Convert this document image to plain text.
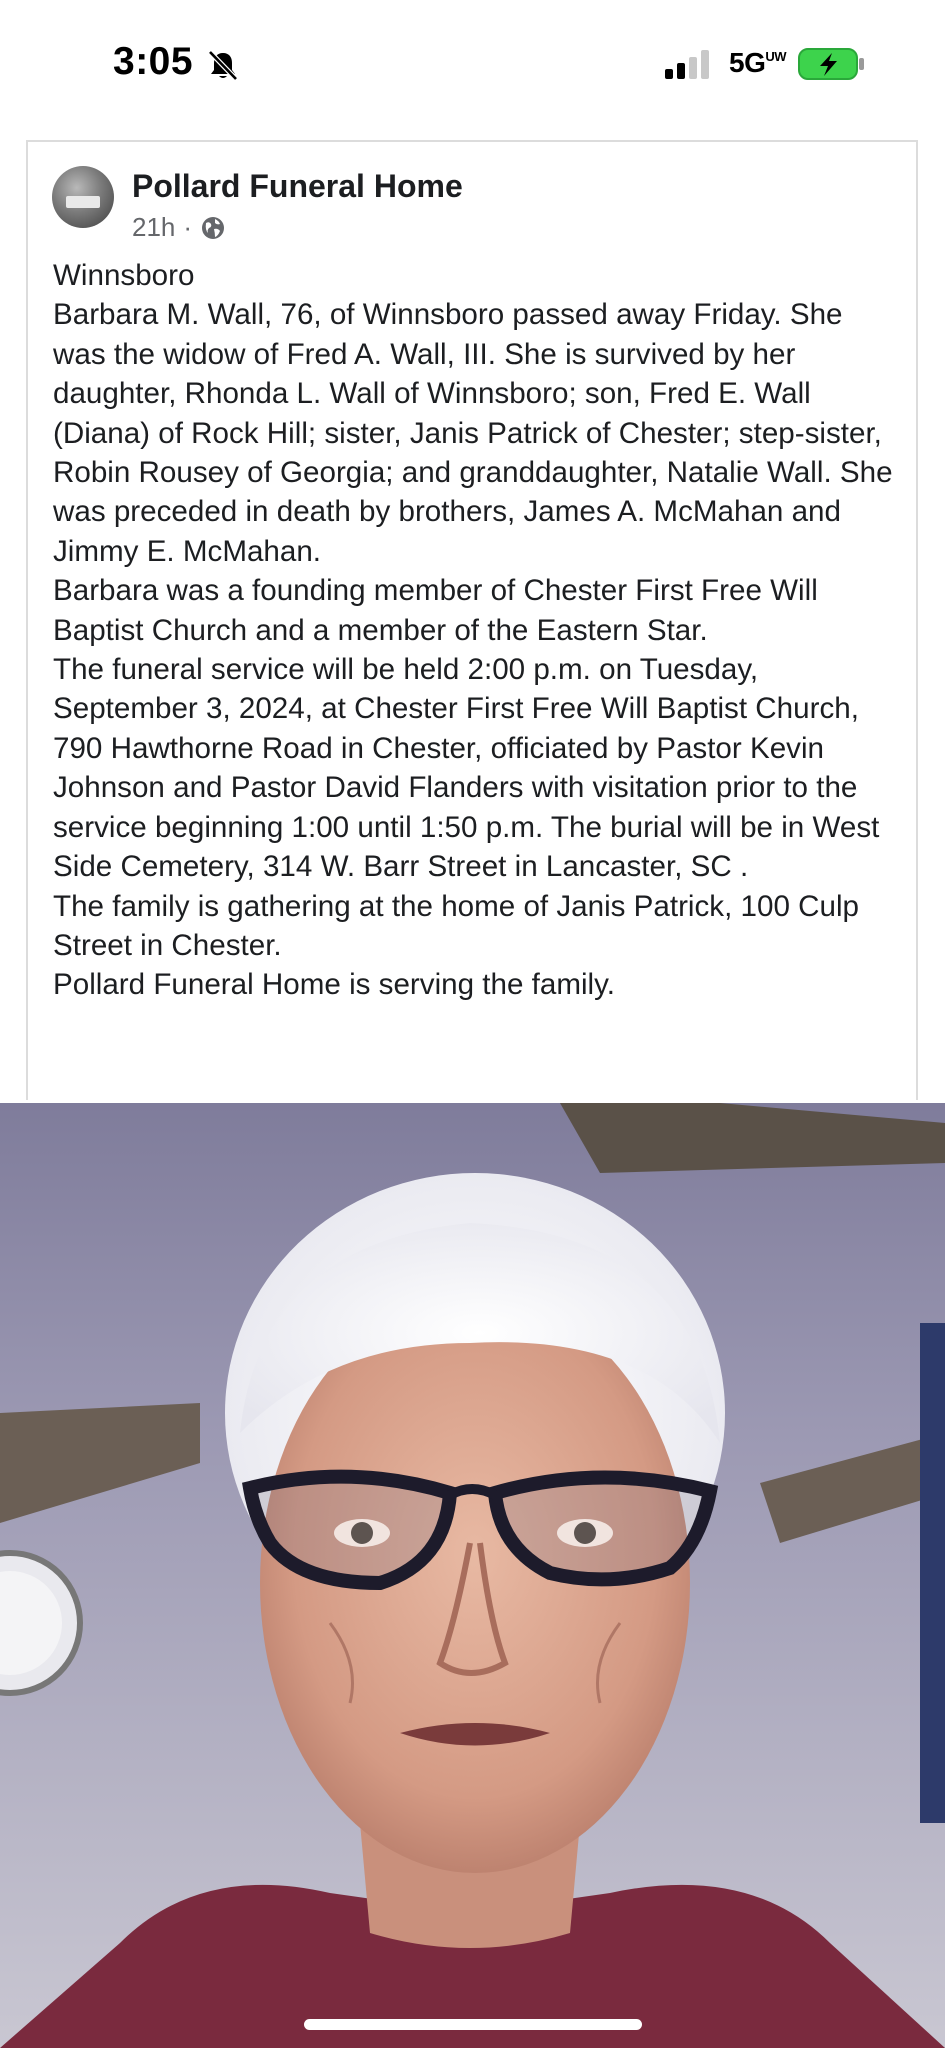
3:05	$5G^{UW}$
Pollard Funeral Home
21h ·

Winnsboro

Barbara M. Wall, 76, of Winnsboro passed away Friday. She was the widow of Fred A. Wall, III. She is survived by her daughter, Rhonda L. Wall of Winnsboro; son, Fred E. Wall (Diana) of Rock Hill; sister, Janis Patrick of Chester; step-sister, Robin Rousey of Georgia; and granddaughter, Natalie Wall. She was preceded in death by brothers, James A. McMahan and Jimmy E. McMahan.

Barbara was a founding member of Chester First Free Will Baptist Church and a member of the Eastern Star.

The funeral service will be held 2:00 p.m. on Tuesday, September 3, 2024, at Chester First Free Will Baptist Church, 790 Hawthorne Road in Chester, officiated by Pastor Kevin Johnson and Pastor David Flanders with visitation prior to the service beginning 1:00 until 1:50 p.m. The burial will be in West Side Cemetery, 314 W. Barr Street in Lancaster, SC .

The family is gathering at the home of Janis Patrick, 100 Culp Street in Chester.

Pollard Funeral Home is serving the family.
